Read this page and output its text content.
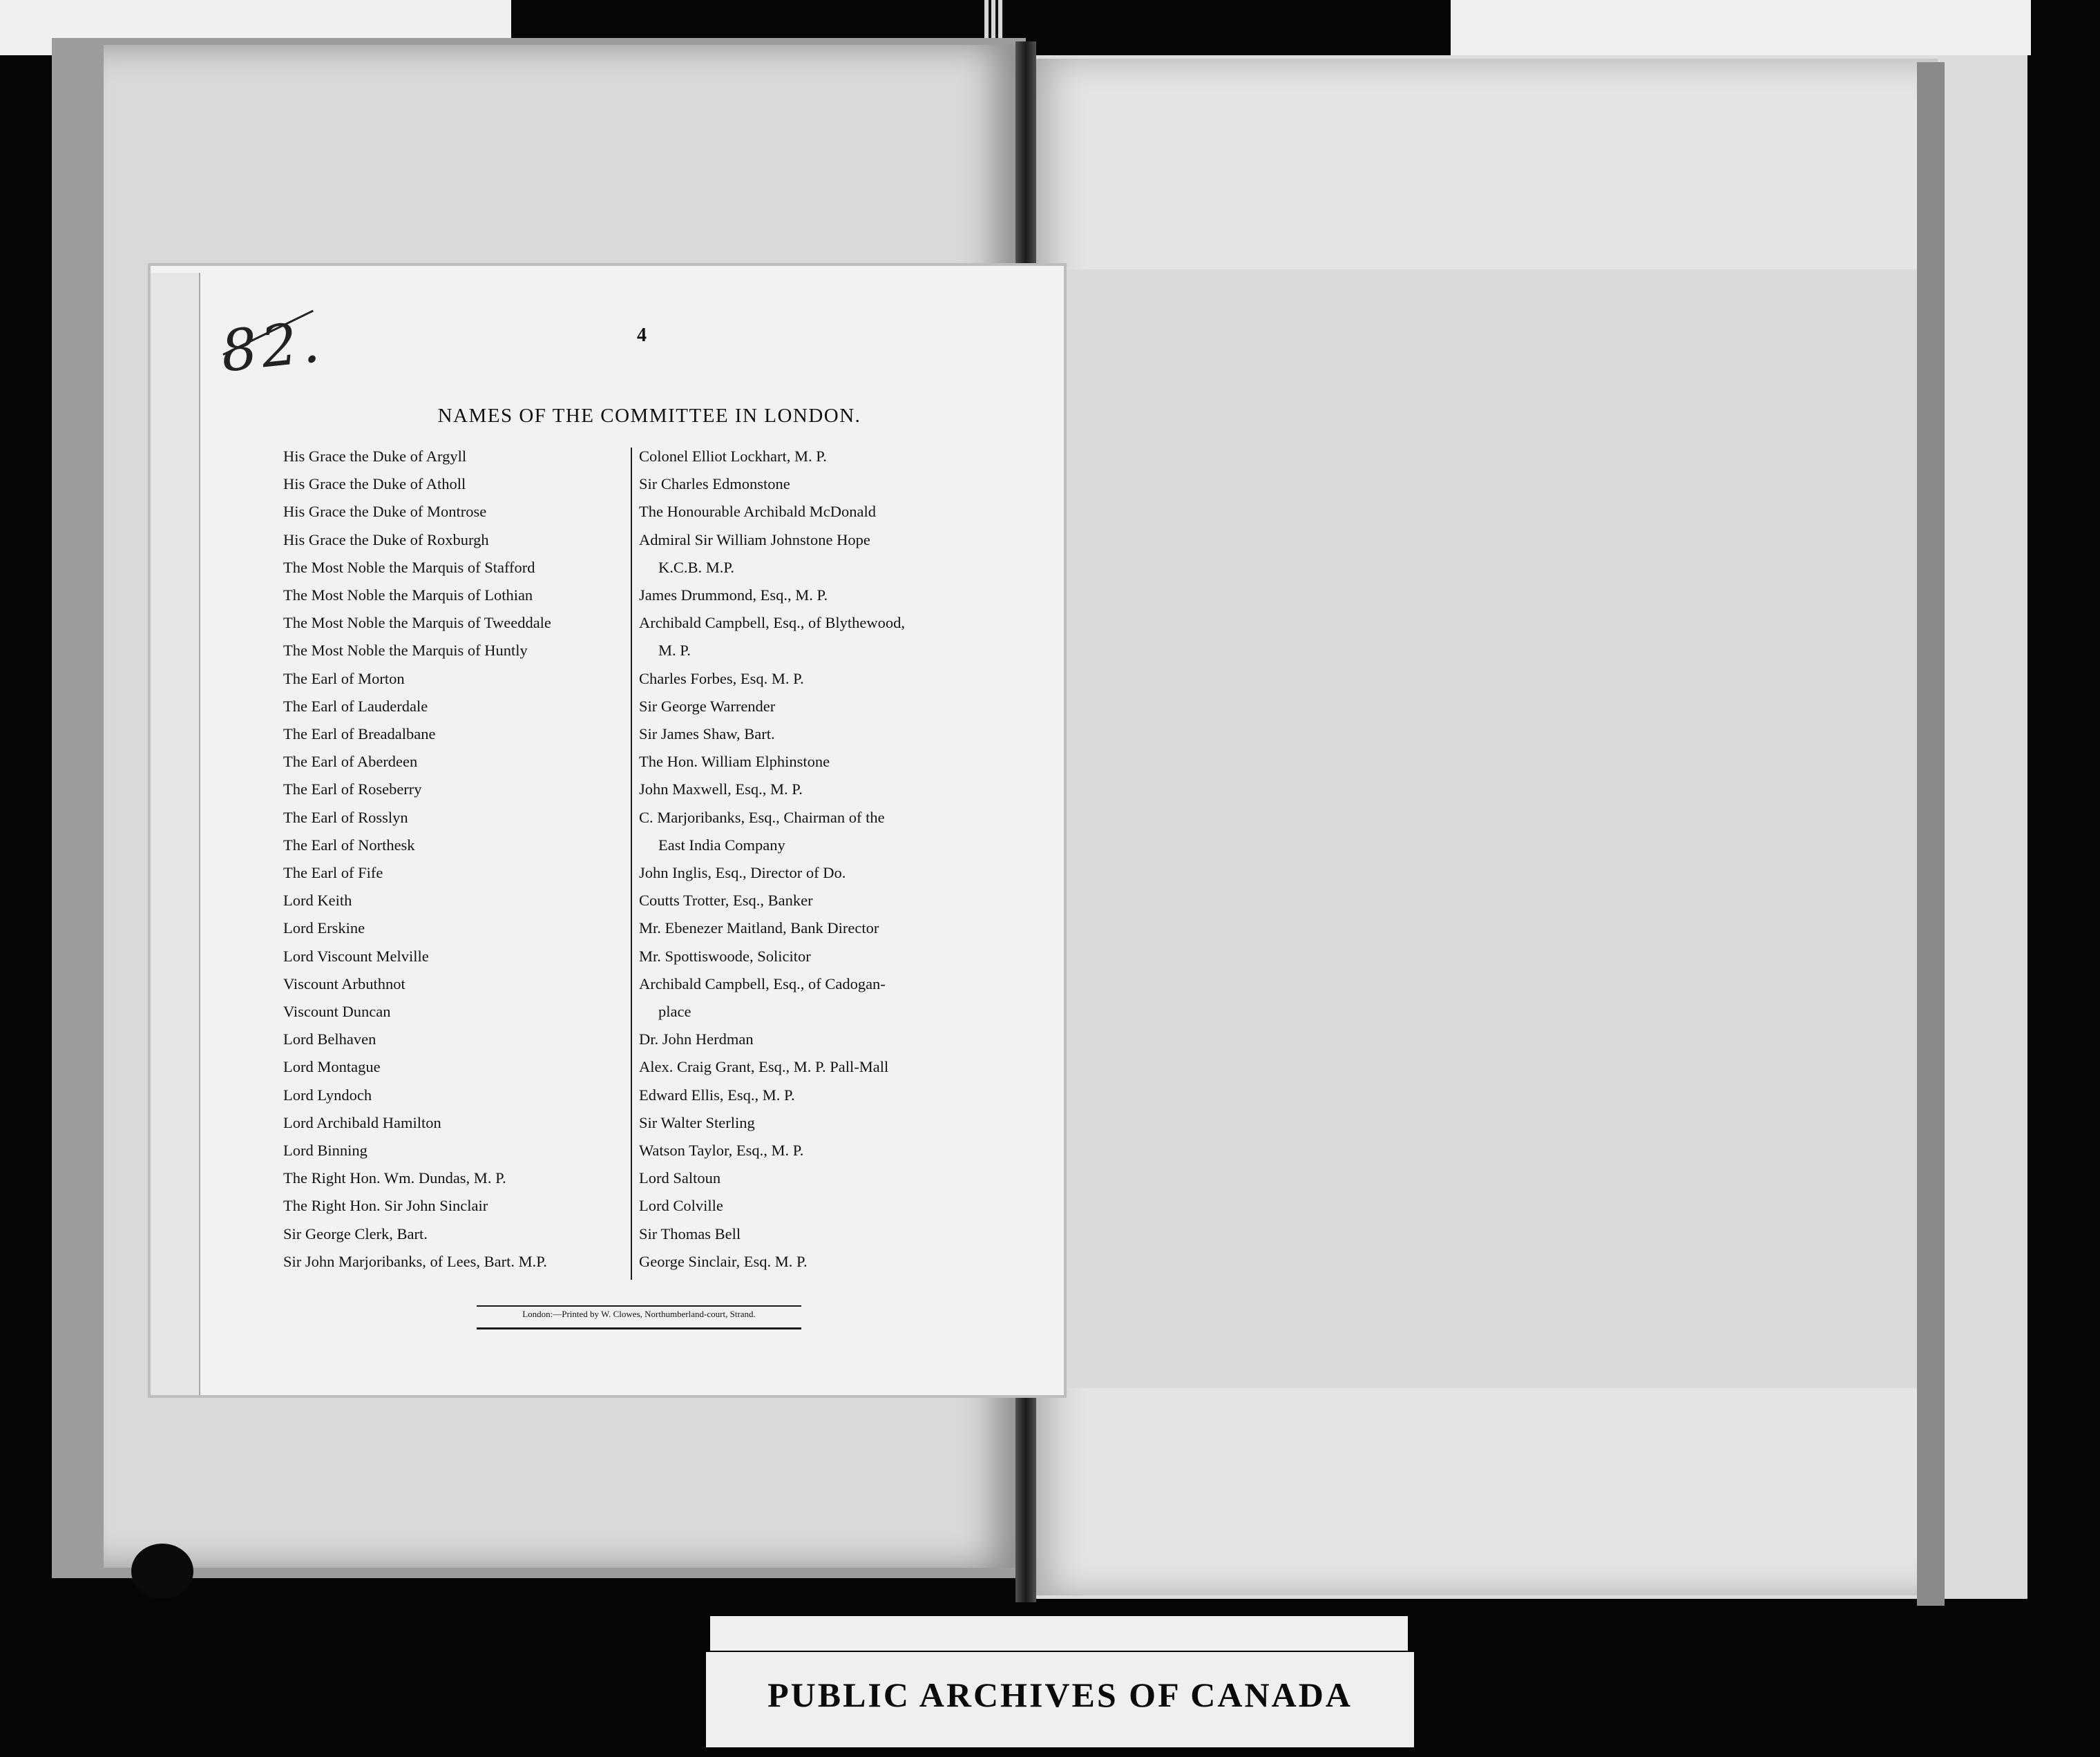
82.	4
NAMES OF THE COMMITTEE IN LONDON.
His Grace the Duke of Argyll
His Grace the Duke of Atholl
His Grace the Duke of Montrose
His Grace the Duke of Roxburgh
The Most Noble the Marquis of Stafford
The Most Noble the Marquis of Lothian
The Most Noble the Marquis of Tweeddale
The Most Noble the Marquis of Huntly
The Earl of Morton
The Earl of Lauderdale
The Earl of Breadalbane
The Earl of Aberdeen
The Earl of Roseberry
The Earl of Rosslyn
The Earl of Northesk
The Earl of Fife
Lord Keith
Lord Erskine
Lord Viscount Melville
Viscount Arbuthnot
Viscount Duncan
Lord Belhaven
Lord Montague
Lord Lyndoch
Lord Archibald Hamilton
Lord Binning
The Right Hon. Wm. Dundas, M. P.
The Right Hon. Sir John Sinclair
Sir George Clerk, Bart.
Sir John Marjoribanks, of Lees, Bart. M.P.
Colonel Elliot Lockhart, M. P.
Sir Charles Edmonstone
The Honourable Archibald McDonald
Admiral Sir William Johnstone Hope
K.C.B. M.P.
James Drummond, Esq., M. P.
Archibald Campbell, Esq., of Blythewood,
M. P.
Charles Forbes, Esq. M. P.
Sir George Warrender
Sir James Shaw, Bart.
The Hon. William Elphinstone
John Maxwell, Esq., M. P.
C. Marjoribanks, Esq., Chairman of the
East India Company
John Inglis, Esq., Director of Do.
Coutts Trotter, Esq., Banker
Mr. Ebenezer Maitland, Bank Director
Mr. Spottiswoode, Solicitor
Archibald Campbell, Esq., of Cadogan-
place
Dr. John Herdman
Alex. Craig Grant, Esq., M. P. Pall-Mall
Edward Ellis, Esq., M. P.
Sir Walter Sterling
Watson Taylor, Esq., M. P.
Lord Saltoun
Lord Colville
Sir Thomas Bell
George Sinclair, Esq. M. P.
London:—Printed by W. Clowes, Northumberland-court, Strand.
PUBLIC ARCHIVES OF CANADA
